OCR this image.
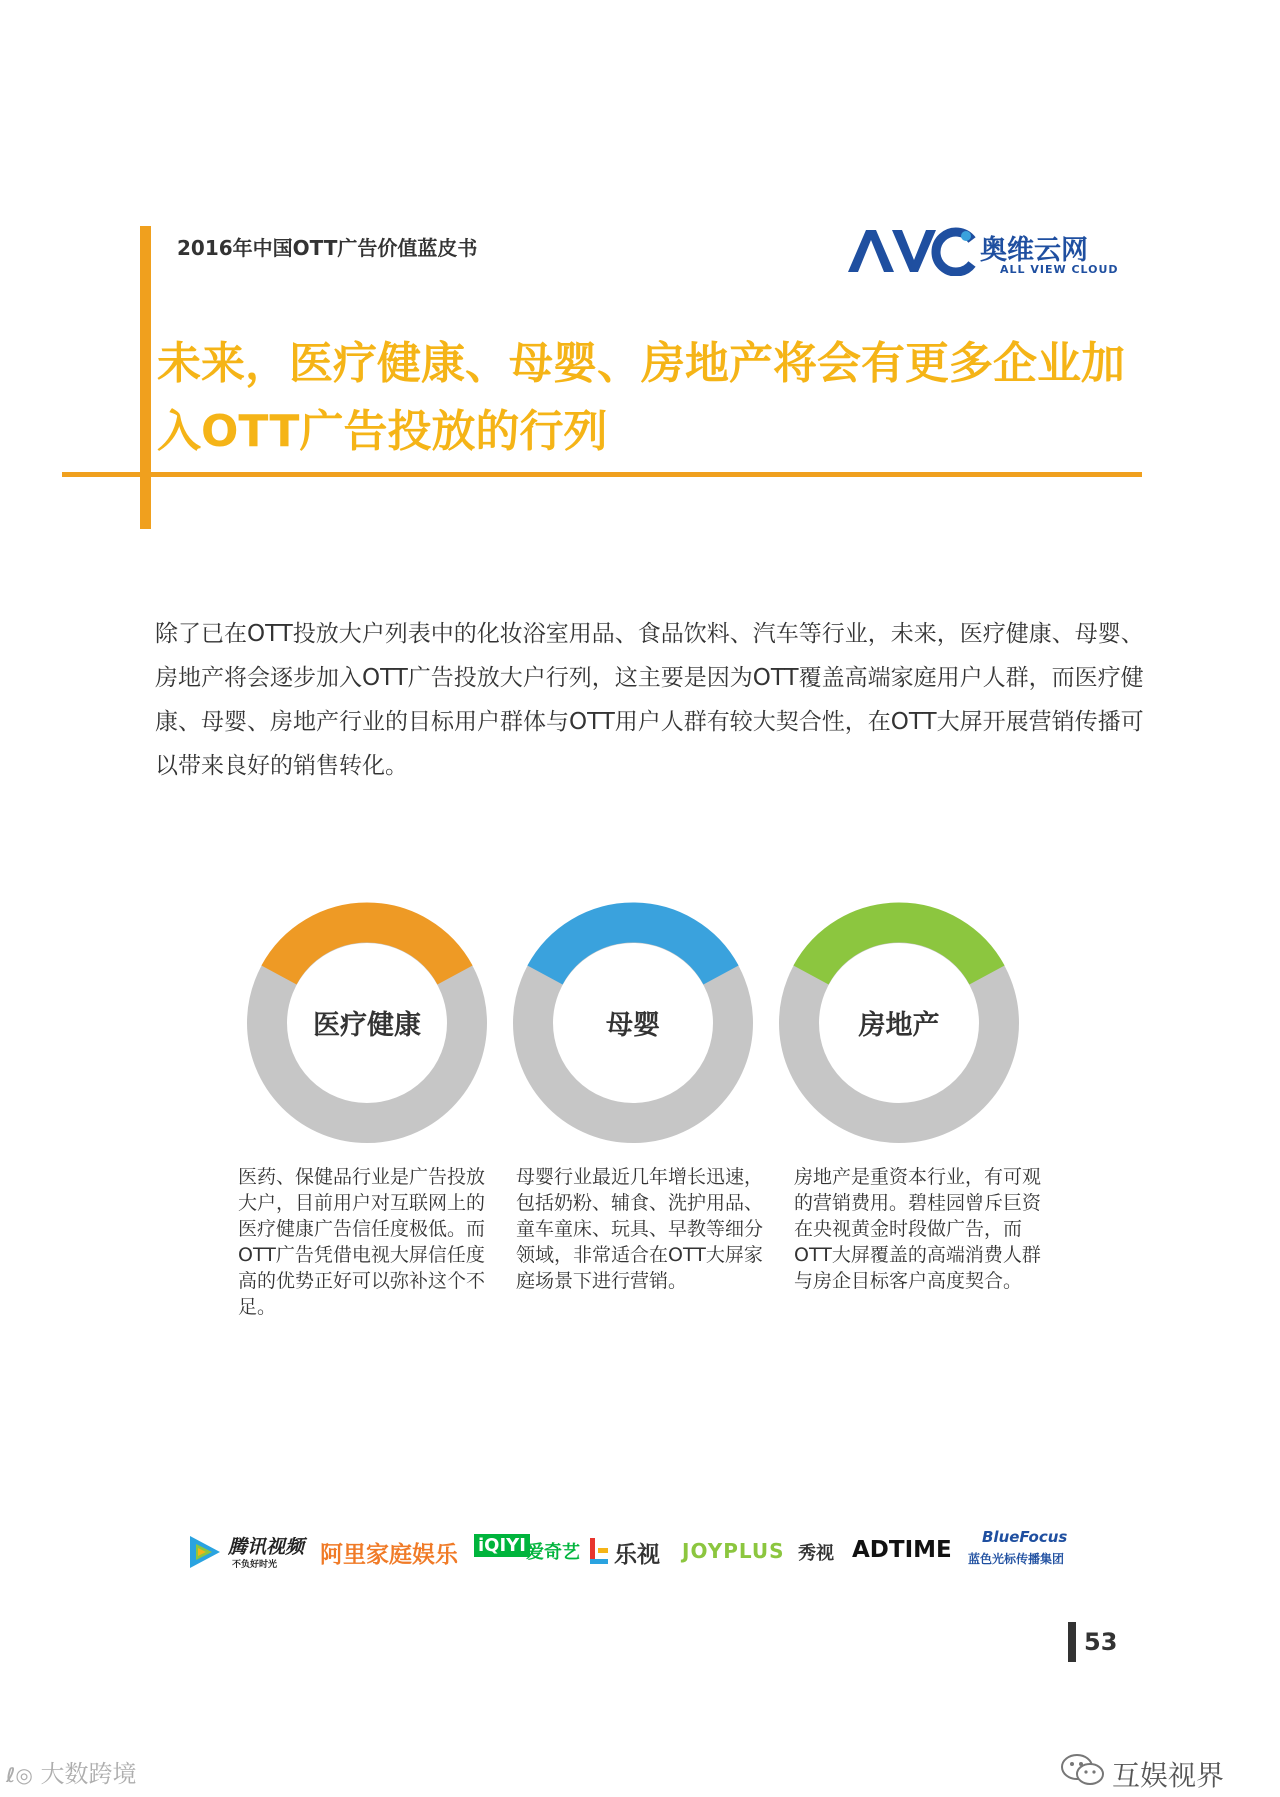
2016年中国OTT广告价值蓝皮书	奥维云网
ALL VIEW CLOUD
未来，医疗健康、母婴、房地产将会有更多企业加入OTT广告投放的行列

除了已在OTT投放大户列表中的化妆浴室用品、食品饮料、汽车等行业，未来，医疗健康、母婴、房地产将会逐步加入OTT广告投放大户行列，这主要是因为OTT覆盖高端家庭用户人群，而医疗健康、母婴、房地产行业的目标用户群体与OTT用户人群有较大契合性，在OTT大屏开展营销传播可以带来良好的销售转化。

医疗健康

医药、保健品行业是广告投放大户，目前用户对互联网上的医疗健康广告信任度极低。而OTT广告凭借电视大屏信任度高的优势正好可以弥补这个不足。

母婴

母婴行业最近几年增长迅速，包括奶粉、辅食、洗护用品、童车童床、玩具、早教等细分领域，非常适合在OTT大屏家庭场景下进行营销。

房地产

房地产是重资本行业，有可观的营销费用。碧桂园曾斥巨资在央视黄金时段做广告，而OTT大屏覆盖的高端消费人群与房企目标客户高度契合。

腾讯视频
不负好时光 阿里家庭娱乐 iQIYI 爱奇艺 乐视 JOYPLUS 秀视 ADTIME BlueFocus
蓝色光标传播集团
53
ℓ◎ 大数跨境	互娱视界
